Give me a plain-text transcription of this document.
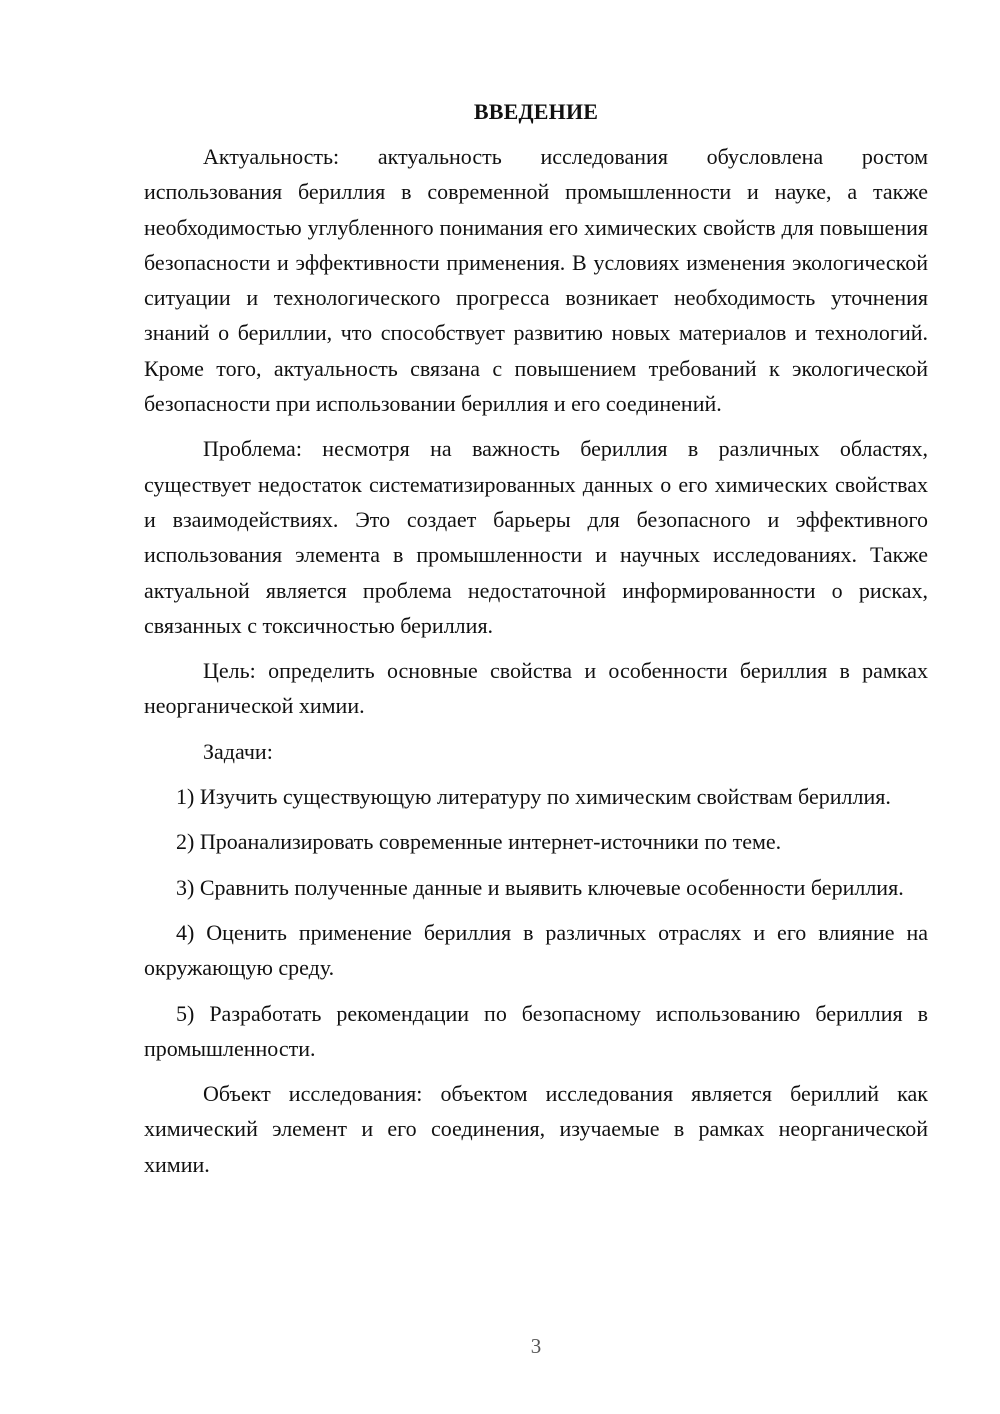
ВВЕДЕНИЕ

Актуальность: актуальность исследования обусловлена ростом использования бериллия в современной промышленности и науке, а также необходимостью углубленного понимания его химических свойств для повышения безопасности и эффективности применения. В условиях изменения экологической ситуации и технологического прогресса возникает необходимость уточнения знаний о бериллии, что способствует развитию новых материалов и технологий. Кроме того, актуальность связана с повышением требований к экологической безопасности при использовании бериллия и его соединений.

Проблема: несмотря на важность бериллия в различных областях, существует недостаток систематизированных данных о его химических свойствах и взаимодействиях. Это создает барьеры для безопасного и эффективного использования элемента в промышленности и научных исследованиях. Также актуальной является проблема недостаточной информированности о рисках, связанных с токсичностью бериллия.

Цель: определить основные свойства и особенности бериллия в рамках неорганической химии.

Задачи:

1) Изучить существующую литературу по химическим свойствам бериллия.

2) Проанализировать современные интернет-источники по теме.

3) Сравнить полученные данные и выявить ключевые особенности бериллия.

4) Оценить применение бериллия в различных отраслях и его влияние на окружающую среду.

5) Разработать рекомендации по безопасному использованию бериллия в промышленности.

Объект исследования: объектом исследования является бериллий как химический элемент и его соединения, изучаемые в рамках неорганической химии.

3
